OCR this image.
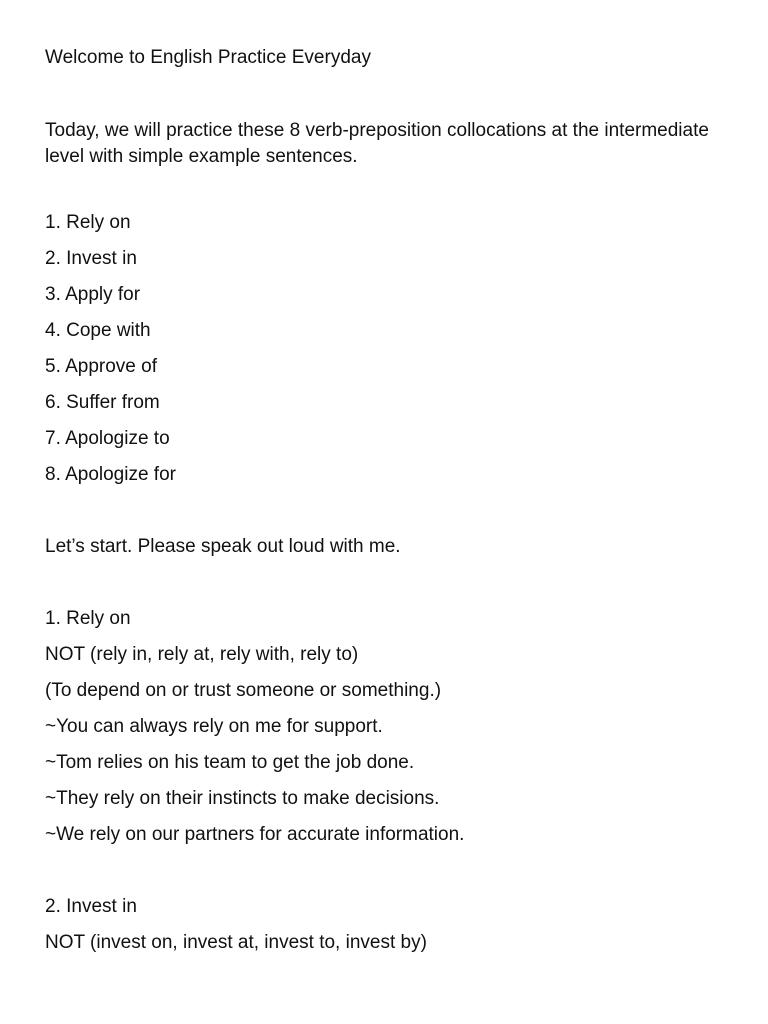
Welcome to English Practice Everyday
Today, we will practice these 8 verb-preposition collocations at the intermediate level with simple example sentences.
1. Rely on
2. Invest in
3. Apply for
4. Cope with
5. Approve of
6. Suffer from
7. Apologize to
8. Apologize for
Let’s start. Please speak out loud with me.
1. Rely on
NOT (rely in, rely at, rely with, rely to)
(To depend on or trust someone or something.)
~You can always rely on me for support.
~Tom relies on his team to get the job done.
~They rely on their instincts to make decisions.
~We rely on our partners for accurate information.
2. Invest in
NOT (invest on, invest at, invest to, invest by)
